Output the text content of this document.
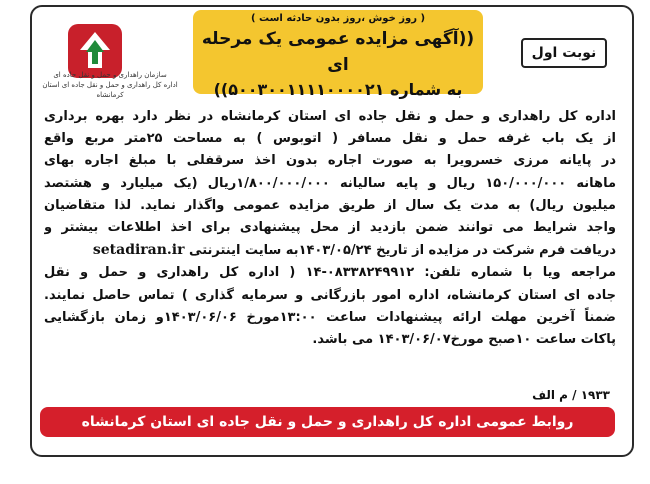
سازمان راهداری و حمل و نقل جاده ای
اداره کل راهداری و حمل و نقل جاده ای استان کرمانشاه
( روز خوش ،روز بدون حادثه است )
((آگهی مزایده عمومی یک مرحله ای
به شماره ۵۰۰۳۰۰۱۱۱۱۰۰۰۰۲۱))
نوبت اول
اداره کل راهداری و حمل و نقل جاده ای استان کرمانشاه در نظر دارد بهره برداری
از یک باب غرفه حمل و نقل مسافر ( اتوبوس ) به مساحت ۲۵متر مربع واقع
در پایانه مرزی خسرویرا به صورت اجاره بدون اخذ سرقفلی با مبلغ اجاره بهای
ماهانه ۱۵۰/۰۰۰/۰۰۰ ریال و پایه سالیانه ۱/۸۰۰/۰۰۰/۰۰۰ریال (یک میلیارد و هشتصد
میلیون ریال) به مدت یک سال از طریق مزایده عمومی واگذار نماید. لذا متقاضیان
واجد شرایط می توانند ضمن بازدید از محل پیشنهادی برای اخذ اطلاعات بیشتر و
دریافت فرم شرکت در مزایده از تاریخ ۱۴۰۳/۰۵/۲۴به سایت اینترنتی setadiran.ir
مراجعه ویا با شماره تلفن: ۰۸۳۳۸۲۴۹۹۱۲-۱۴ ( اداره کل راهداری و حمل و نقل
جاده ای استان کرمانشاه، اداره امور بازرگانی و سرمایه گذاری ) تماس حاصل نمایند.
ضمناً آخرین مهلت ارائه پیشنهادات ساعت ۱۳:۰۰مورخ ۱۴۰۳/۰۶/۰۶و زمان بازگشایی
پاکات ساعت ۱۰صبح مورخ۱۴۰۳/۰۶/۰۷ می باشد.
۱۹۳۳ / م الف
روابط عمومی اداره کل راهداری و حمل و نقل جاده ای استان کرمانشاه
